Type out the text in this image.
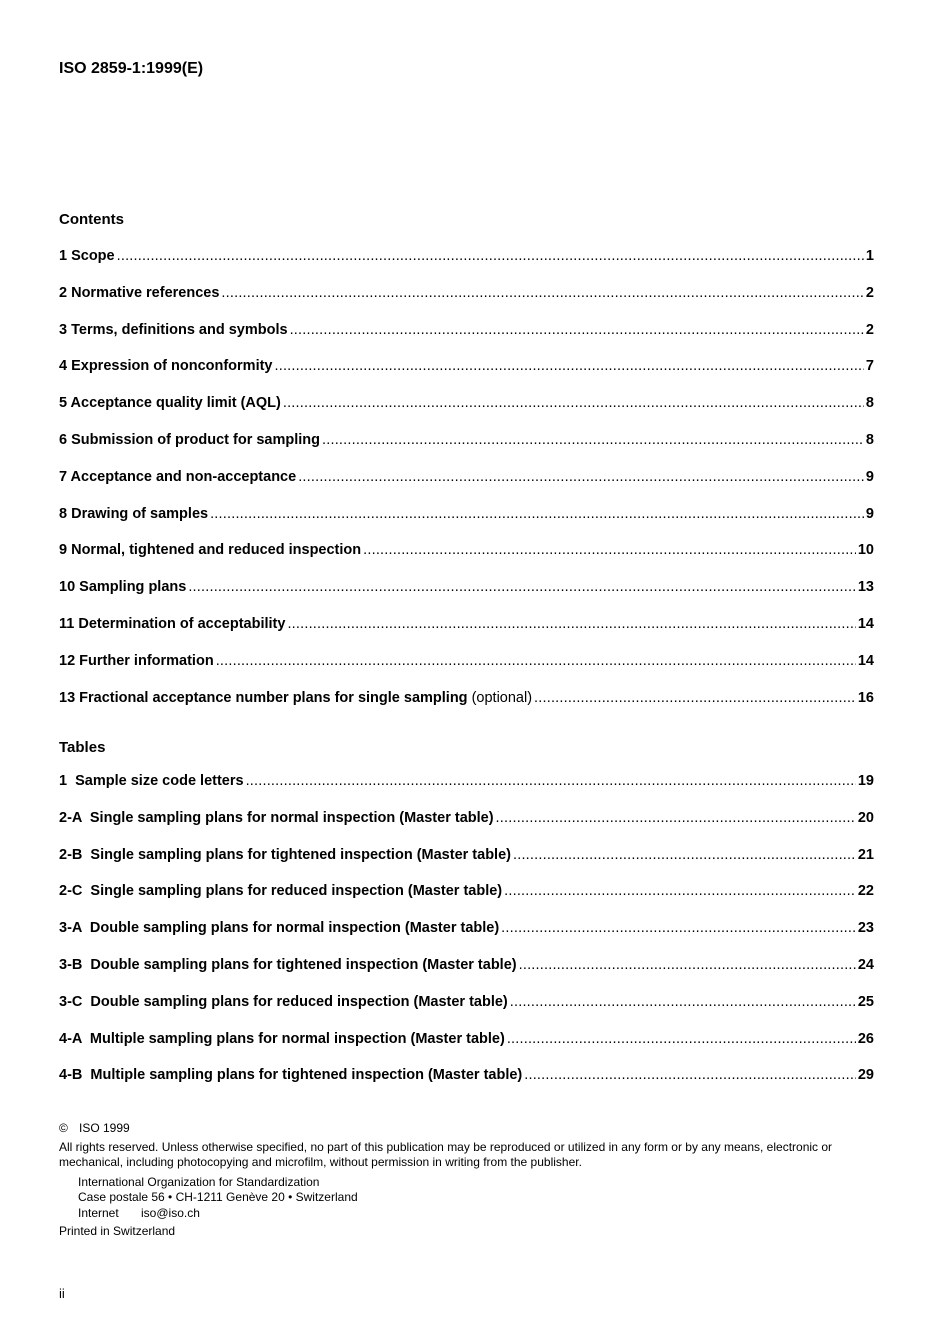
ISO 2859-1:1999(E)
Contents
1 Scope .....	1
2 Normative references .....	2
3 Terms, definitions and symbols .....	2
4 Expression of nonconformity .....	7
5 Acceptance quality limit (AQL) .....	8
6 Submission of product for sampling .....	8
7 Acceptance and non-acceptance .....	9
8 Drawing of samples .....	9
9 Normal, tightened and reduced inspection .....	10
10 Sampling plans .....	13
11 Determination of acceptability .....	14
12 Further information .....	14
13 Fractional acceptance number plans for single sampling (optional) .....	16
Tables
1  Sample size code letters .....	19
2-A  Single sampling plans for normal inspection (Master table) .....	20
2-B  Single sampling plans for tightened inspection (Master table) .....	21
2-C  Single sampling plans for reduced inspection (Master table) .....	22
3-A  Double sampling plans for normal inspection (Master table) .....	23
3-B  Double sampling plans for tightened inspection (Master table) .....	24
3-C  Double sampling plans for reduced inspection (Master table) .....	25
4-A  Multiple sampling plans for normal inspection (Master table) .....	26
4-B  Multiple sampling plans for tightened inspection (Master table) .....	29

© ISO 1999

All rights reserved. Unless otherwise specified, no part of this publication may be reproduced or utilized in any form or by any means, electronic or mechanical, including photocopying and microfilm, without permission in writing from the publisher.

International Organization for Standardization

Case postale 56 • CH-1211 Genève 20 • Switzerland

Internet iso@iso.ch

Printed in Switzerland

ii
